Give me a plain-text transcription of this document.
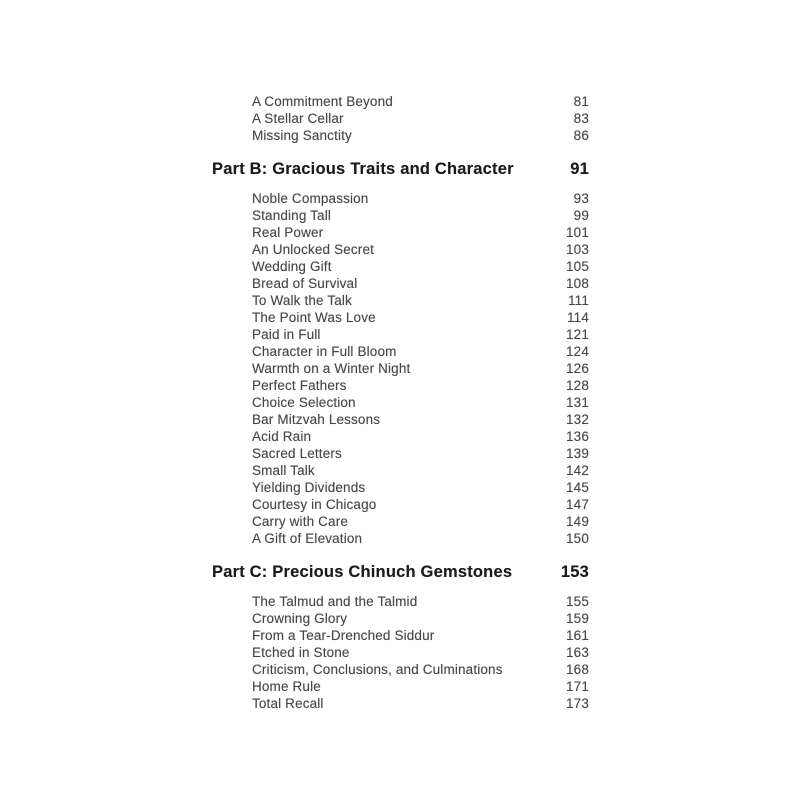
A Commitment Beyond	81
A Stellar Cellar	83
Missing Sanctity	86
Part B: Gracious Traits and Character	91
Noble Compassion	93
Standing Tall	99
Real Power	101
An Unlocked Secret	103
Wedding Gift	105
Bread of Survival	108
To Walk the Talk	111
The Point Was Love	114
Paid in Full	121
Character in Full Bloom	124
Warmth on a Winter Night	126
Perfect Fathers	128
Choice Selection	131
Bar Mitzvah Lessons	132
Acid Rain	136
Sacred Letters	139
Small Talk	142
Yielding Dividends	145
Courtesy in Chicago	147
Carry with Care	149
A Gift of Elevation	150
Part C: Precious Chinuch Gemstones	153
The Talmud and the Talmid	155
Crowning Glory	159
From a Tear-Drenched Siddur	161
Etched in Stone	163
Criticism, Conclusions, and Culminations	168
Home Rule	171
Total Recall	173
